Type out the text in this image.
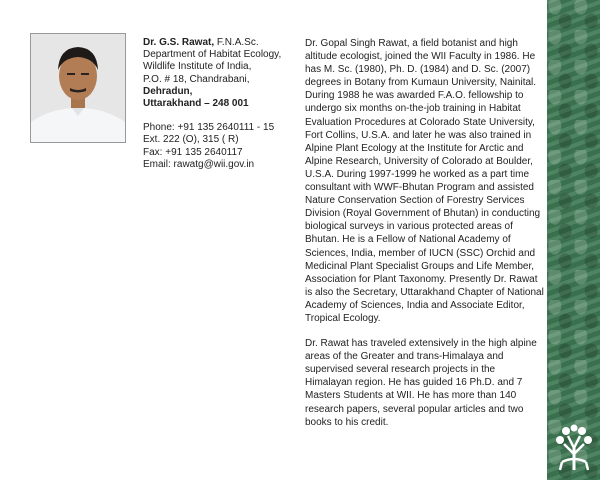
Dr. G.S. Rawat, F.N.A.Sc.
Department of Habitat Ecology,
Wildlife Institute of India,
P.O. # 18, Chandrabani,
Dehradun,
Uttarakhand – 248 001
Phone: +91 135 2640111 - 15
Ext. 222 (O), 315 ( R)
Fax: +91 135 2640117
Email: rawatg@wii.gov.in

Dr. Gopal Singh Rawat, a field botanist and high altitude ecologist, joined the WII Faculty in 1986. He has M. Sc. (1980), Ph. D. (1984) and D. Sc. (2007) degrees in Botany from Kumaun University, Nainital. During 1988 he was awarded F.A.O. fellowship to undergo six months on-the-job training in Habitat Evaluation Procedures at Colorado State University, Fort Collins, U.S.A. and later he was also trained in Alpine Plant Ecology at the Institute for Arctic and Alpine Research, University of Colorado at Boulder, U.S.A. During 1997-1999 he worked as a part time consultant with WWF-Bhutan Program and assisted Nature Conservation Section of Forestry Services Division (Royal Government of Bhutan) in conducting biological surveys in various protected areas of Bhutan. He is a Fellow of National Academy of Sciences, India, member of IUCN (SSC) Orchid and Medicinal Plant Specialist Groups and Life Member, Association for Plant Taxonomy. Presently Dr. Rawat is also the Secretary, Uttarakhand Chapter of National Academy of Sciences, India and Associate Editor, Tropical Ecology.

Dr. Rawat has traveled extensively in the high alpine areas of the Greater and trans-Himalaya and supervised several research projects in the Himalayan region. He has guided 16 Ph.D. and 7 Masters Students at WII. He has more than 140 research papers, several popular articles and two books to his credit.
